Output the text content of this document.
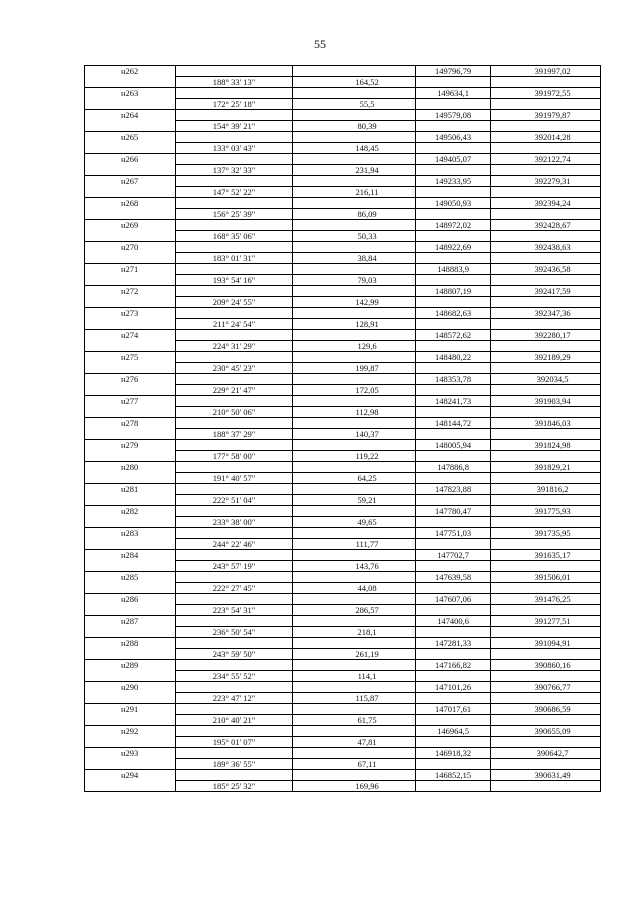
55
н262			149796,79	391997,02
	188° 33' 13"	164,52		
н263			149634,1	391972,55
	172° 25' 18"	55,5		
н264			149579,08	391979,87
	154° 39' 21"	80,39		
н265			149506,43	392014,28
	133° 03' 43"	148,45		
н266			149405,07	392122,74
	137° 32' 33"	231,94		
н267			149233,95	392279,31
	147° 52' 22"	216,11		
н268			149050,93	392394,24
	156° 25' 39"	86,09		
н269			148972,02	392428,67
	168° 35' 06"	50,33		
н270			148922,69	392438,63
	183° 01' 31"	38,84		
н271			148883,9	392436,58
	193° 54' 16"	79,03		
н272			148807,19	392417,59
	209° 24' 55"	142,99		
н273			148682,63	392347,36
	211° 24' 54"	128,91		
н274			148572,62	392280,17
	224° 31' 29"	129,6		
н275			148480,22	392189,29
	230° 45' 23"	199,87		
н276			148353,78	392034,5
	229° 21' 47"	172,05		
н277			148241,73	391903,94
	210° 50' 06"	112,98		
н278			148144,72	391846,03
	188° 37' 29"	140,37		
н279			148005,94	391824,98
	177° 58' 00"	119,22		
н280			147886,8	391829,21
	191° 40' 57"	64,25		
н281			147823,88	391816,2
	222° 51' 04"	59,21		
н282			147780,47	391775,93
	233° 38' 00"	49,65		
н283			147751,03	391735,95
	244° 22' 46"	111,77		
н284			147702,7	391635,17
	243° 57' 19"	143,76		
н285			147639,58	391506,01
	222° 27' 45"	44,08		
н286			147607,06	391476,25
	223° 54' 31"	286,57		
н287			147400,6	391277,51
	236° 50' 54"	218,1		
н288			147281,33	391094,91
	243° 59' 50"	261,19		
н289			147166,82	390860,16
	234° 55' 52"	114,1		
н290			147101,26	390766,77
	223° 47' 12"	115,87		
н291			147017,61	390686,59
	210° 40' 21"	61,75		
н292			146964,5	390655,09
	195° 01' 07"	47,81		
н293			146918,32	390642,7
	189° 36' 55"	67,11		
н294			146852,15	390631,49
	185° 25' 32"	169,96		
